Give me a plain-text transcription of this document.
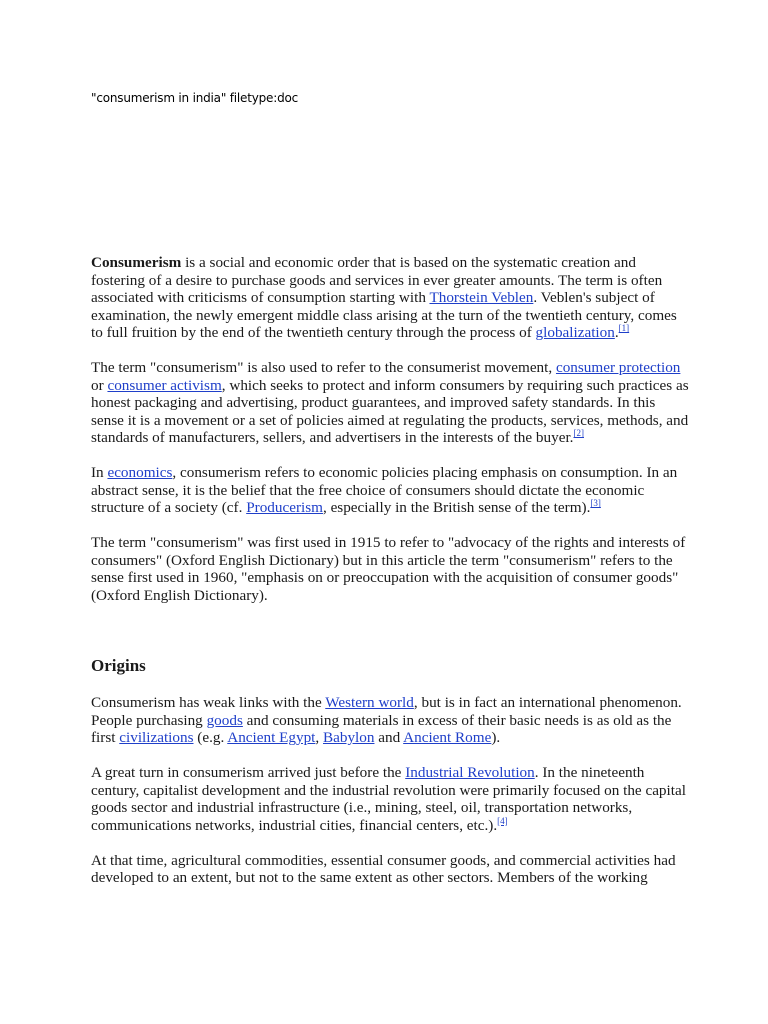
"consumerism in india" filetype:doc

Consumerism is a social and economic order that is based on the systematic creation and fostering of a desire to purchase goods and services in ever greater amounts. The term is often associated with criticisms of consumption starting with Thorstein Veblen. Veblen's subject of examination, the newly emergent middle class arising at the turn of the twentieth century, comes to full fruition by the end of the twentieth century through the process of globalization.[1]

The term "consumerism" is also used to refer to the consumerist movement, consumer protection or consumer activism, which seeks to protect and inform consumers by requiring such practices as honest packaging and advertising, product guarantees, and improved safety standards. In this sense it is a movement or a set of policies aimed at regulating the products, services, methods, and standards of manufacturers, sellers, and advertisers in the interests of the buyer.[2]

In economics, consumerism refers to economic policies placing emphasis on consumption. In an abstract sense, it is the belief that the free choice of consumers should dictate the economic structure of a society (cf. Producerism, especially in the British sense of the term).[3]

The term "consumerism" was first used in 1915 to refer to "advocacy of the rights and interests of consumers" (Oxford English Dictionary) but in this article the term "consumerism" refers to the sense first used in 1960, "emphasis on or preoccupation with the acquisition of consumer goods" (Oxford English Dictionary).

Origins

Consumerism has weak links with the Western world, but is in fact an international phenomenon. People purchasing goods and consuming materials in excess of their basic needs is as old as the first civilizations (e.g. Ancient Egypt, Babylon and Ancient Rome).

A great turn in consumerism arrived just before the Industrial Revolution. In the nineteenth century, capitalist development and the industrial revolution were primarily focused on the capital goods sector and industrial infrastructure (i.e., mining, steel, oil, transportation networks, communications networks, industrial cities, financial centers, etc.).[4]

At that time, agricultural commodities, essential consumer goods, and commercial activities had developed to an extent, but not to the same extent as other sectors. Members of the working
